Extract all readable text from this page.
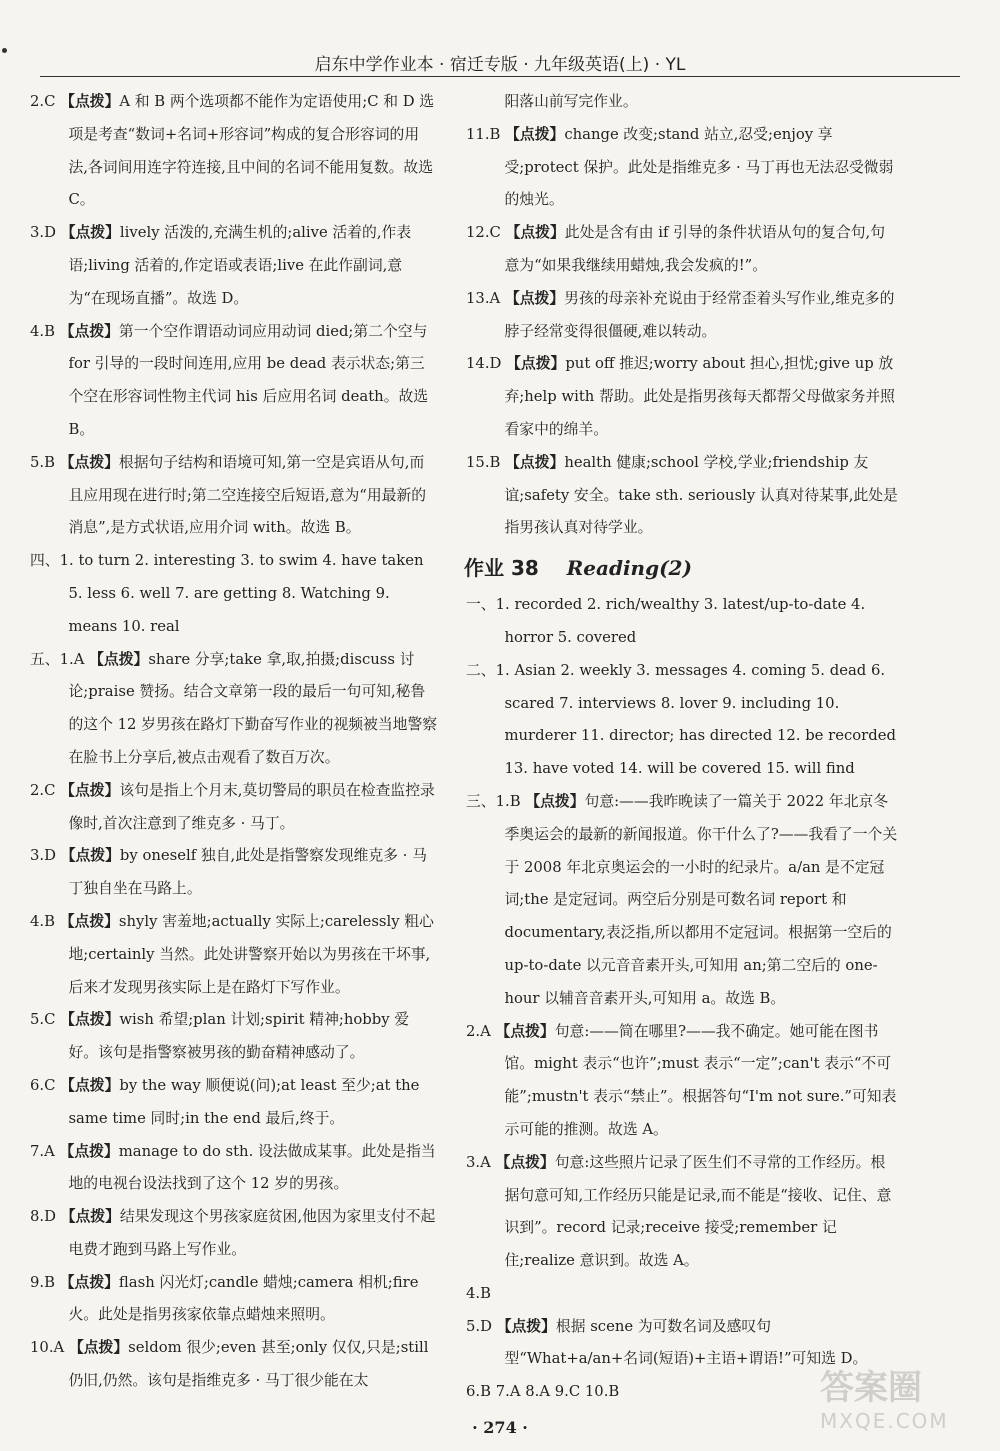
启东中学作业本 · 宿迁专版 · 九年级英语(上) · YL

2.C 【点拨】A 和 B 两个选项都不能作为定语使用;C 和 D 选项是考查“数词+名词+形容词”构成的复合形容词的用法,各词间用连字符连接,且中间的名词不能用复数。故选 C。

3.D 【点拨】lively 活泼的,充满生机的;alive 活着的,作表语;living 活着的,作定语或表语;live 在此作副词,意为“在现场直播”。故选 D。

4.B 【点拨】第一个空作谓语动词应用动词 died;第二个空与 for 引导的一段时间连用,应用 be dead 表示状态;第三个空在形容词性物主代词 his 后应用名词 death。故选 B。

5.B 【点拨】根据句子结构和语境可知,第一空是宾语从句,而且应用现在进行时;第二空连接空后短语,意为“用最新的消息”,是方式状语,应用介词 with。故选 B。

四、1. to turn 2. interesting 3. to swim 4. have taken 5. less 6. well 7. are getting 8. Watching 9. means 10. real

五、1.A 【点拨】share 分享;take 拿,取,拍摄;discuss 讨论;praise 赞扬。结合文章第一段的最后一句可知,秘鲁的这个 12 岁男孩在路灯下勤奋写作业的视频被当地警察在脸书上分享后,被点击观看了数百万次。

2.C 【点拨】该句是指上个月末,莫切警局的职员在检查监控录像时,首次注意到了维克多 · 马丁。

3.D 【点拨】by oneself 独自,此处是指警察发现维克多 · 马丁独自坐在马路上。

4.B 【点拨】shyly 害羞地;actually 实际上;carelessly 粗心地;certainly 当然。此处讲警察开始以为男孩在干坏事,后来才发现男孩实际上是在路灯下写作业。

5.C 【点拨】wish 希望;plan 计划;spirit 精神;hobby 爱好。该句是指警察被男孩的勤奋精神感动了。

6.C 【点拨】by the way 顺便说(问);at least 至少;at the same time 同时;in the end 最后,终于。

7.A 【点拨】manage to do sth. 设法做成某事。此处是指当地的电视台设法找到了这个 12 岁的男孩。

8.D 【点拨】结果发现这个男孩家庭贫困,他因为家里支付不起电费才跑到马路上写作业。

9.B 【点拨】flash 闪光灯;candle 蜡烛;camera 相机;fire 火。此处是指男孩家依靠点蜡烛来照明。

10.A 【点拨】seldom 很少;even 甚至;only 仅仅,只是;still 仍旧,仍然。该句是指维克多 · 马丁很少能在太

阳落山前写完作业。

11.B 【点拨】change 改变;stand 站立,忍受;enjoy 享受;protect 保护。此处是指维克多 · 马丁再也无法忍受微弱的烛光。

12.C 【点拨】此处是含有由 if 引导的条件状语从句的复合句,句意为“如果我继续用蜡烛,我会发疯的!”。

13.A 【点拨】男孩的母亲补充说由于经常歪着头写作业,维克多的脖子经常变得很僵硬,难以转动。

14.D 【点拨】put off 推迟;worry about 担心,担忧;give up 放弃;help with 帮助。此处是指男孩每天都帮父母做家务并照看家中的绵羊。

15.B 【点拨】health 健康;school 学校,学业;friendship 友谊;safety 安全。take sth. seriously 认真对待某事,此处是指男孩认真对待学业。

作业 38 Reading(2)

一、1. recorded 2. rich/wealthy 3. latest/up-to-date 4. horror 5. covered

二、1. Asian 2. weekly 3. messages 4. coming 5. dead 6. scared 7. interviews 8. lover 9. including 10. murderer 11. director; has directed 12. be recorded 13. have voted 14. will be covered 15. will find

三、1.B 【点拨】句意:——我昨晚读了一篇关于 2022 年北京冬季奥运会的最新的新闻报道。你干什么了?——我看了一个关于 2008 年北京奥运会的一小时的纪录片。a/an 是不定冠词;the 是定冠词。两空后分别是可数名词 report 和 documentary,表泛指,所以都用不定冠词。根据第一空后的 up-to-date 以元音音素开头,可知用 an;第二空后的 one-hour 以辅音音素开头,可知用 a。故选 B。

2.A 【点拨】句意:——简在哪里?——我不确定。她可能在图书馆。might 表示“也许”;must 表示“一定”;can't 表示“不可能”;mustn't 表示“禁止”。根据答句“I'm not sure.”可知表示可能的推测。故选 A。

3.A 【点拨】句意:这些照片记录了医生们不寻常的工作经历。根据句意可知,工作经历只能是记录,而不能是“接收、记住、意识到”。record 记录;receive 接受;remember 记住;realize 意识到。故选 A。

4.B

5.D 【点拨】根据 scene 为可数名词及感叹句型“What+a/an+名词(短语)+主语+谓语!”可知选 D。

6.B 7.A 8.A 9.C 10.B

· 274 ·
答案圈
MXQE.COM
